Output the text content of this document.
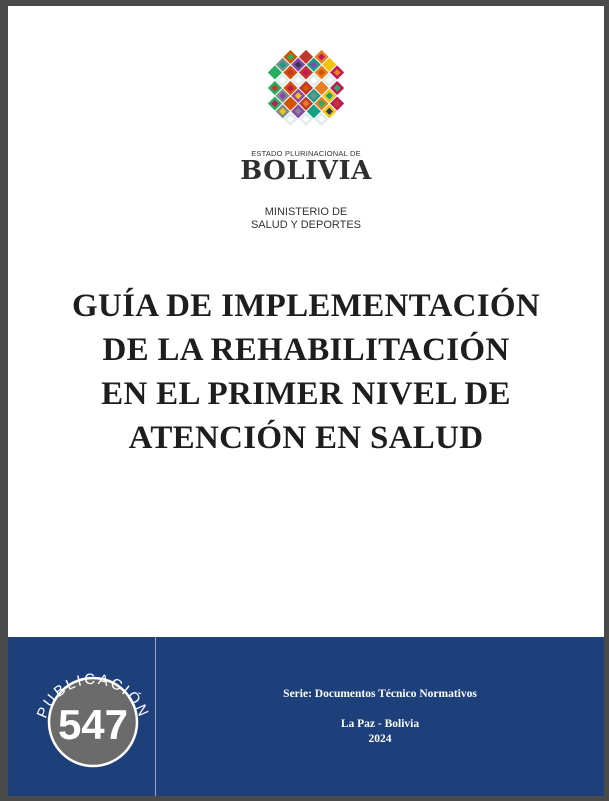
ESTADO PLURINACIONAL DE
BOLIVIA
MINISTERIO DE
SALUD Y DEPORTES
GUÍA DE IMPLEMENTACIÓN
DE LA REHABILITACIÓN
EN EL PRIMER NIVEL DE
ATENCIÓN EN SALUD
PUBLICACIÓN
547
Serie: Documentos Técnico Normativos
La Paz - Bolivia
2024
